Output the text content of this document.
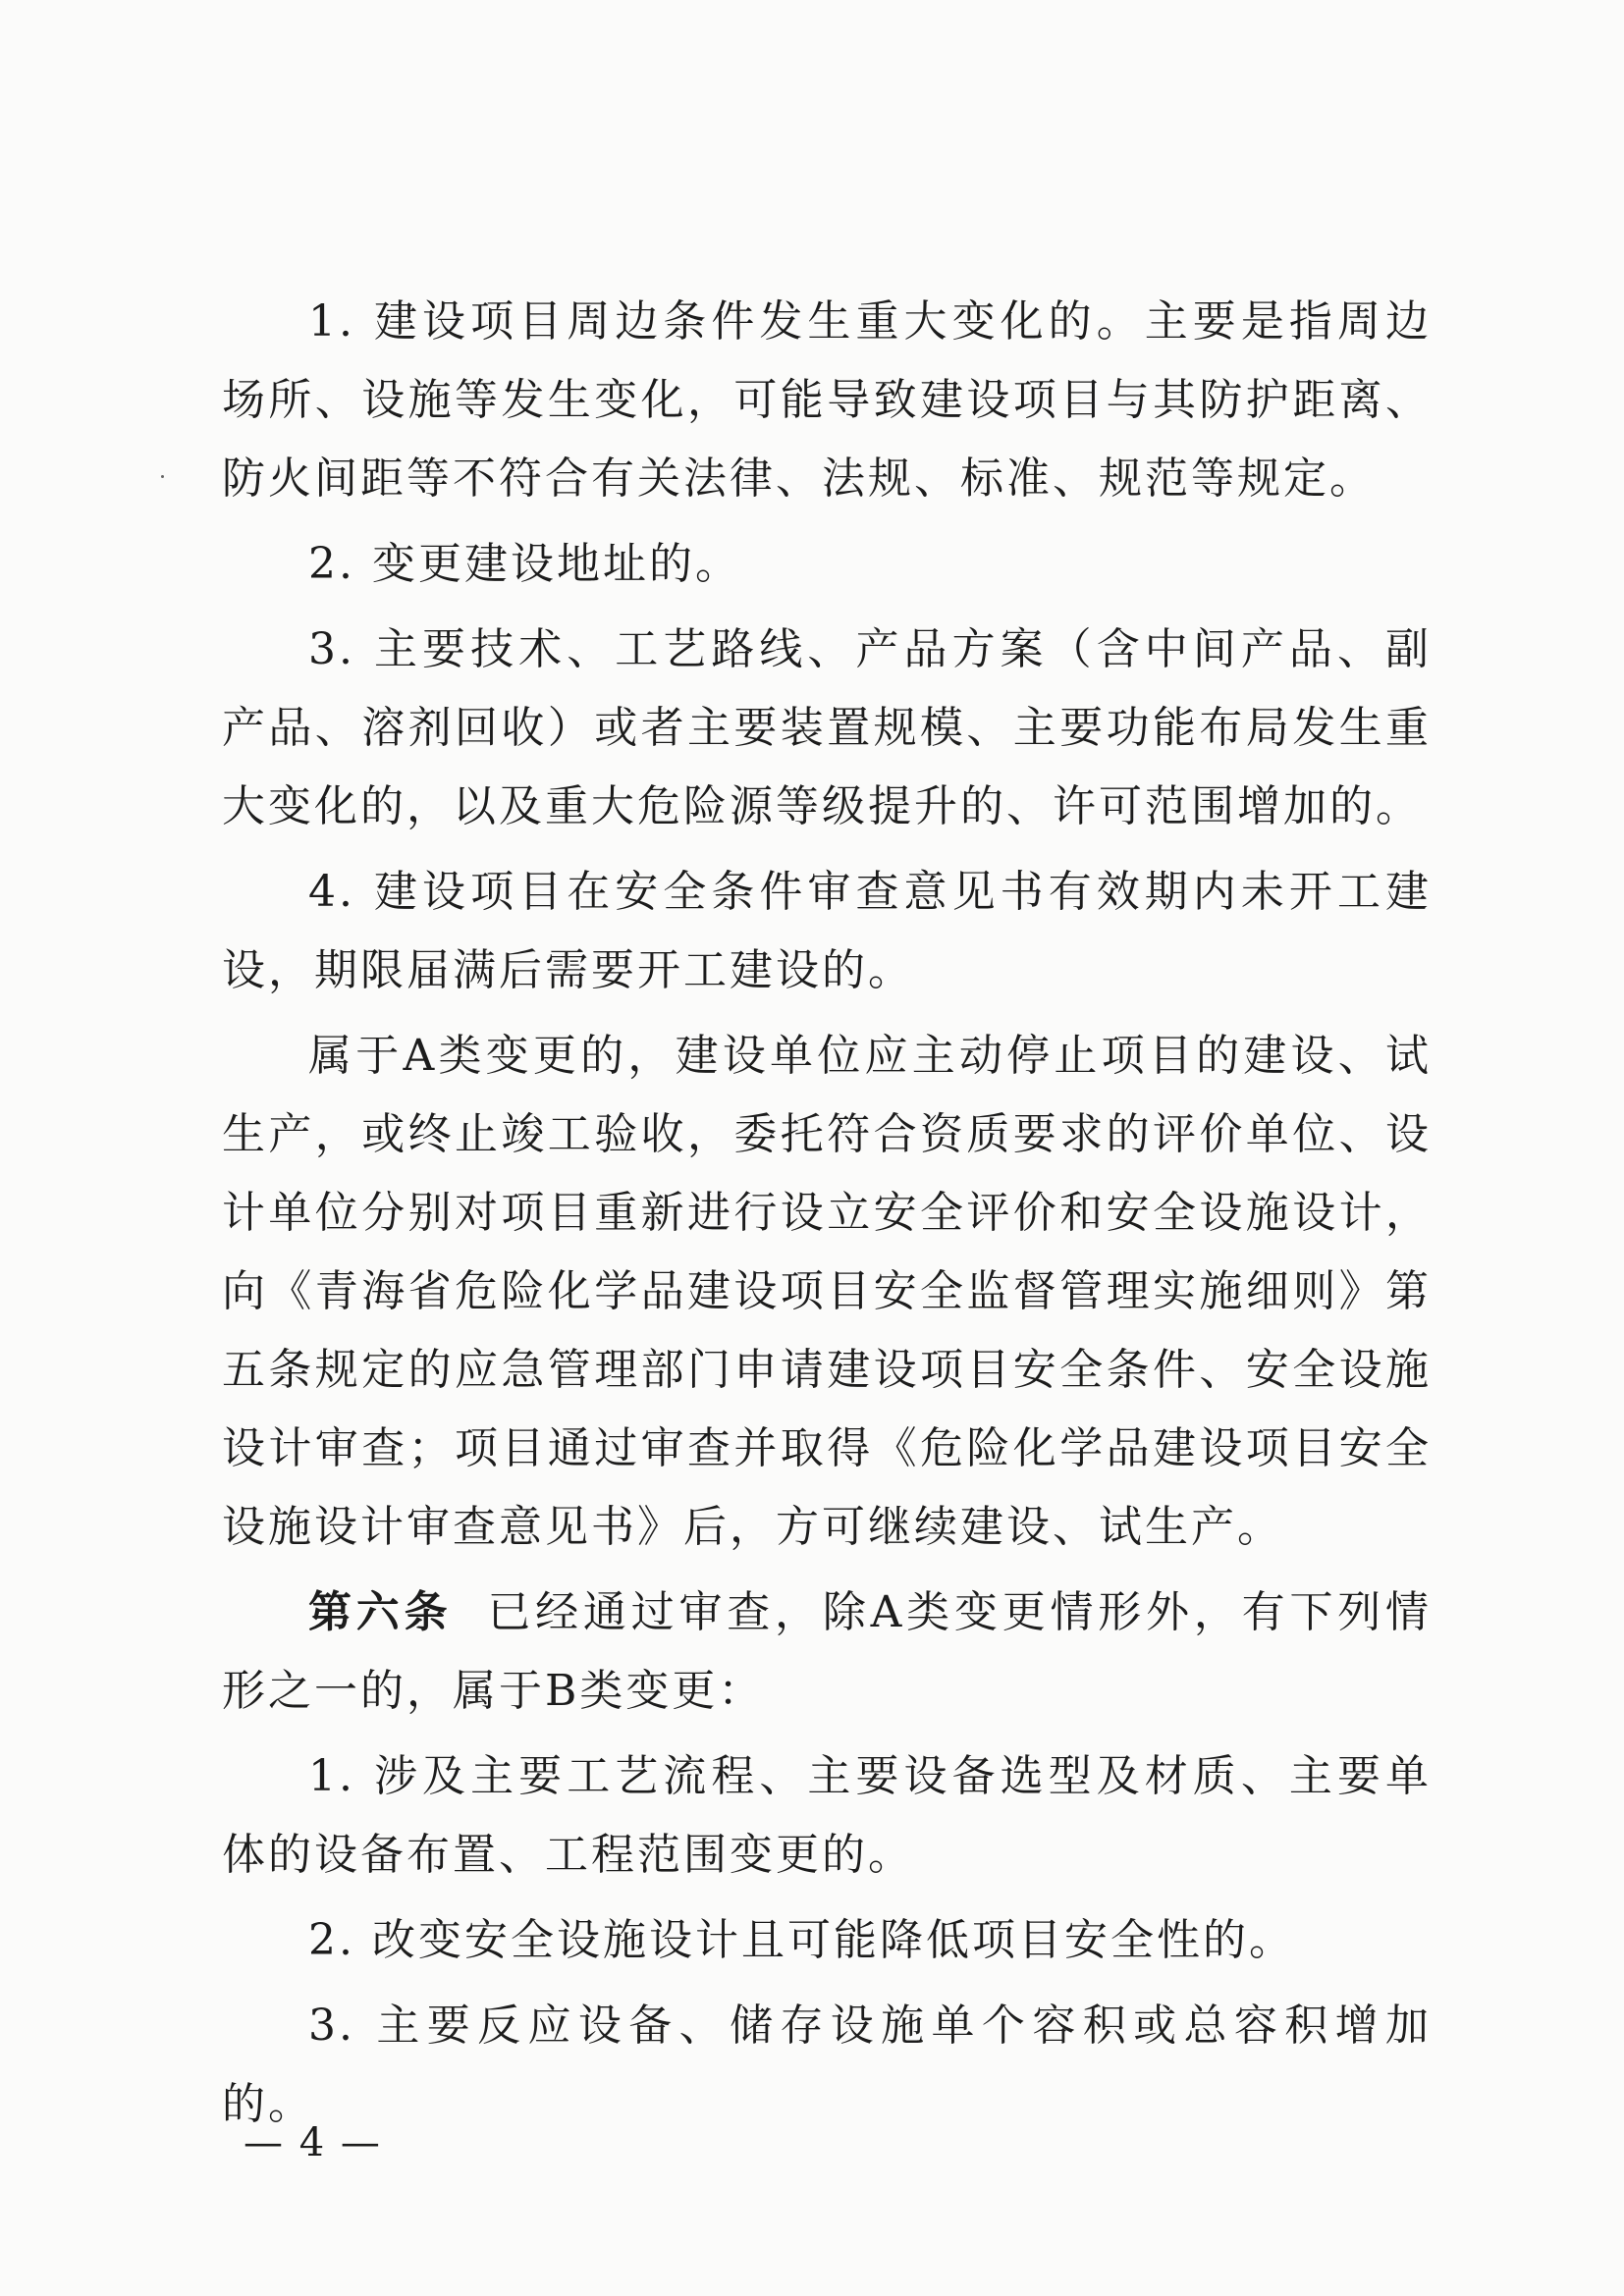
1. 建设项目周边条件发生重大变化的。主要是指周边场所、设施等发生变化，可能导致建设项目与其防护距离、防火间距等不符合有关法律、法规、标准、规范等规定。

2. 变更建设地址的。

3. 主要技术、工艺路线、产品方案（含中间产品、副产品、溶剂回收）或者主要装置规模、主要功能布局发生重大变化的，以及重大危险源等级提升的、许可范围增加的。

4. 建设项目在安全条件审查意见书有效期内未开工建设，期限届满后需要开工建设的。

属于A类变更的，建设单位应主动停止项目的建设、试生产，或终止竣工验收，委托符合资质要求的评价单位、设计单位分别对项目重新进行设立安全评价和安全设施设计，向《青海省危险化学品建设项目安全监督管理实施细则》第五条规定的应急管理部门申请建设项目安全条件、安全设施设计审查；项目通过审查并取得《危险化学品建设项目安全设施设计审查意见书》后，方可继续建设、试生产。

第六条 已经通过审查，除A类变更情形外，有下列情形之一的，属于B类变更：

1. 涉及主要工艺流程、主要设备选型及材质、主要单体的设备布置、工程范围变更的。

2. 改变安全设施设计且可能降低项目安全性的。

3. 主要反应设备、储存设施单个容积或总容积增加的。

— 4 —
